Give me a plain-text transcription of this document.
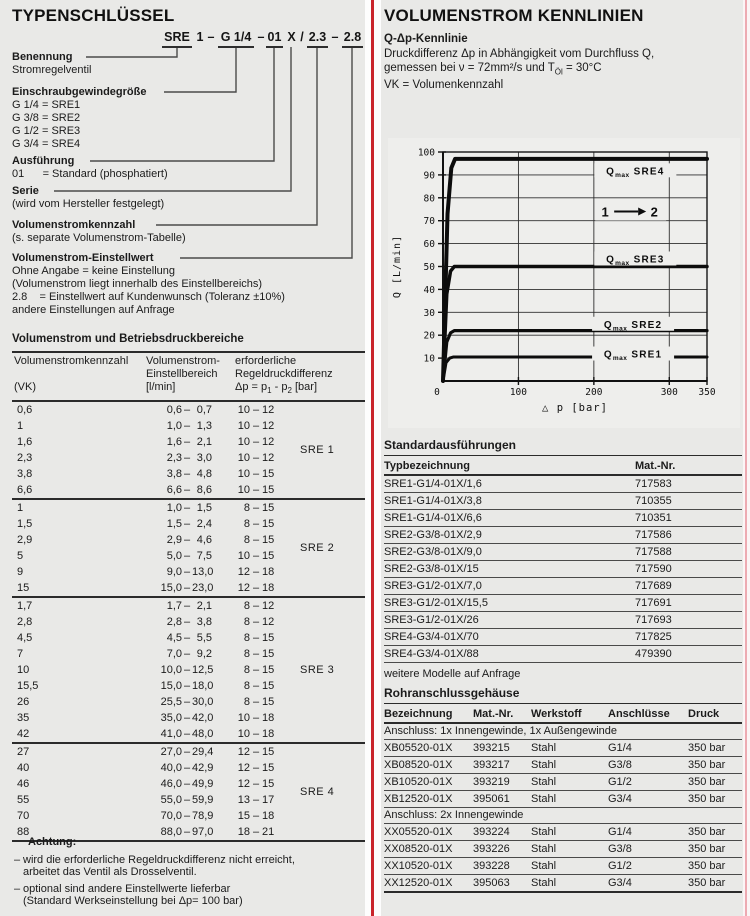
TYPENSCHLÜSSEL
SRE 1 – G 1/4 – 01 X / 2.3 – 2.8
Benennung
Stromregelventil
Einschraubgewindegröße
G 1/4 = SRE1
G 3/8 = SRE2
G 1/2 = SRE3
G 3/4 = SRE4
Ausführung
01      = Standard (phosphatiert)
Serie
(wird vom Hersteller festgelegt)
Volumenstromkennzahl
(s. separate Volumenstrom-Tabelle)
Volumenstrom-Einstellwert
Ohne Angabe = keine Einstellung
(Volumenstrom liegt innerhalb des Einstellbereichs)
2.8    = Einstellwert auf Kundenwunsch (Toleranz ±10%)
andere Einstellungen auf Anfrage
Volumenstrom und Betriebsdruckbereiche
Volumenstromkennzahl

(VK)
Volumenstrom-
Einstellbereich
[l/min]
erforderliche
Regeldruckdifferenz
$\Delta p = p_1 - p_2$ [bar]
0,6	0,6 – 0,7	10 – 12
1	1,0 – 1,3	10 – 12
1,6	1,6 – 2,1	10 – 12
2,3	2,3 – 3,0	10 – 12
3,8	3,8 – 4,8	10 – 15
6,6	6,6 – 8,6	10 – 15
SRE 1
1	1,0 – 1,5	8 – 15
1,5	1,5 – 2,4	8 – 15
2,9	2,9 – 4,6	8 – 15
5	5,0 – 7,5	10 – 15
9	9,0 – 13,0	12 – 18
15	15,0 – 23,0	12 – 18
SRE 2
1,7	1,7 – 2,1	8 – 12
2,8	2,8 – 3,8	8 – 12
4,5	4,5 – 5,5	8 – 15
7	7,0 – 9,2	8 – 15
10	10,0 – 12,5	8 – 15
15,5	15,0 – 18,0	8 – 15
26	25,5 – 30,0	8 – 15
35	35,0 – 42,0	10 – 18
42	41,0 – 48,0	10 – 18
SRE 3
27	27,0 – 29,4	12 – 15
40	40,0 – 42,9	12 – 15
46	46,0 – 49,9	12 – 15
55	55,0 – 59,9	13 – 17
70	70,0 – 78,9	15 – 18
88	88,0 – 97,0	18 – 21
SRE 4
Achtung:
– wird die erforderliche Regeldruckdifferenz nicht erreicht,
arbeitet das Ventil als Drosselventil.
– optional sind andere Einstellwerte lieferbar
(Standard Werkseinstellung bei Δp= 100 bar)
VOLUMENSTROM KENNLINIEN
Q-Δp-Kennlinie
Druckdifferenz Δp in Abhängigkeit vom Durchfluss Q,
gemessen bei ν = 72mm²/s und $T_{Öl} = 30^\circ C$
VK = Volumenkennzahl
10
20
30
40
50
60
70
80
90
100
0	100	200	300 350
Q [L/min]
△ p [bar]
$Q_{max}$ SRE4
$Q_{max}$ SRE3
$Q_{max}$ SRE2
$Q_{max}$ SRE1
1	2
Standardausführungen
Typbezeichnung	Mat.-Nr.
SRE1-G1/4-01X/1,6	717583
SRE1-G1/4-01X/3,8	710355
SRE1-G1/4-01X/6,6	710351
SRE2-G3/8-01X/2,9	717586
SRE2-G3/8-01X/9,0	717588
SRE2-G3/8-01X/15	717590
SRE3-G1/2-01X/7,0	717689
SRE3-G1/2-01X/15,5	717691
SRE3-G1/2-01X/26	717693
SRE4-G3/4-01X/70	717825
SRE4-G3/4-01X/88	479390
weitere Modelle auf Anfrage
Rohranschlussgehäuse
Bezeichnung	Mat.-Nr.	Werkstoff	Anschlüsse	Druck
Anschluss: 1x Innengewinde, 1x Außengewinde
XB05520-01X	393215	Stahl	G1/4	350 bar
XB08520-01X	393217	Stahl	G3/8	350 bar
XB10520-01X	393219	Stahl	G1/2	350 bar
XB12520-01X	395061	Stahl	G3/4	350 bar
Anschluss: 2x Innengewinde
XX05520-01X	393224	Stahl	G1/4	350 bar
XX08520-01X	393226	Stahl	G3/8	350 bar
XX10520-01X	393228	Stahl	G1/2	350 bar
XX12520-01X	395063	Stahl	G3/4	350 bar
